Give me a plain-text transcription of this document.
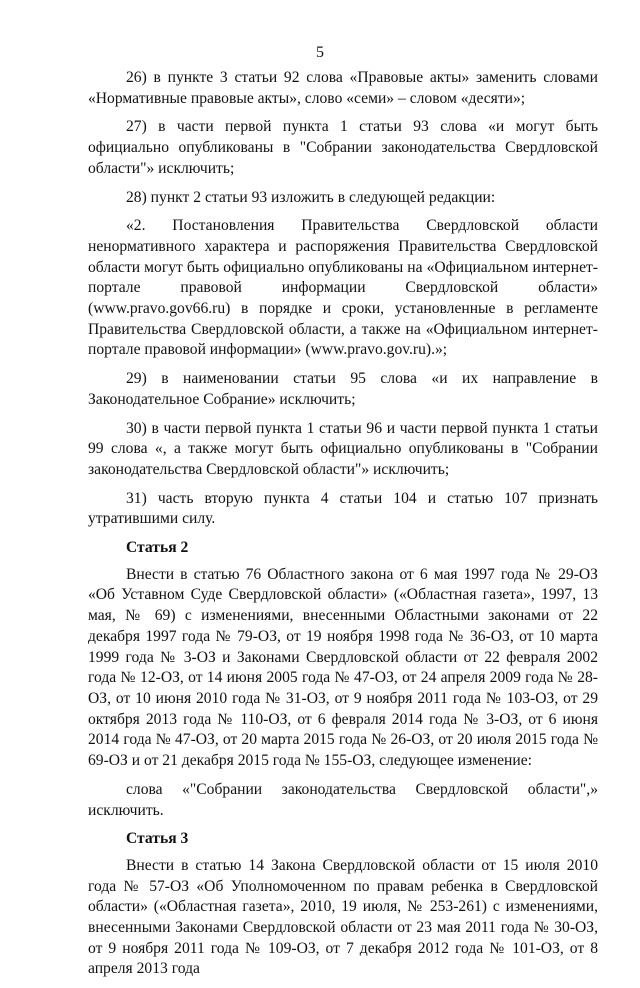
5

26) в пункте 3 статьи 92 слова «Правовые акты» заменить словами «Нормативные правовые акты», слово «семи» – словом «десяти»;

27) в части первой пункта 1 статьи 93 слова «и могут быть официально опубликованы в "Собрании законодательства Свердловской области"» исключить;

28) пункт 2 статьи 93 изложить в следующей редакции:

«2. Постановления Правительства Свердловской области ненормативного характера и распоряжения Правительства Свердловской области могут быть официально опубликованы на «Официальном интернет-портале правовой информации Свердловской области» (www.pravo.gov66.ru) в порядке и сроки, установленные в регламенте Правительства Свердловской области, а также на «Официальном интернет-портале правовой информации» (www.pravo.gov.ru).»;

29) в наименовании статьи 95 слова «и их направление в Законодательное Собрание» исключить;

30) в части первой пункта 1 статьи 96 и части первой пункта 1 статьи 99 слова «, а также могут быть официально опубликованы в "Собрании законодательства Свердловской области"» исключить;

31) часть вторую пункта 4 статьи 104 и статью 107 признать утратившими силу.

Статья 2

Внести в статью 76 Областного закона от 6 мая 1997 года № 29-ОЗ «Об Уставном Суде Свердловской области» («Областная газета», 1997, 13 мая, № 69) с изменениями, внесенными Областными законами от 22 декабря 1997 года № 79-ОЗ, от 19 ноября 1998 года № 36-ОЗ, от 10 марта 1999 года № 3-ОЗ и Законами Свердловской области от 22 февраля 2002 года № 12-ОЗ, от 14 июня 2005 года № 47-ОЗ, от 24 апреля 2009 года № 28-ОЗ, от 10 июня 2010 года № 31-ОЗ, от 9 ноября 2011 года № 103-ОЗ, от 29 октября 2013 года № 110-ОЗ, от 6 февраля 2014 года № 3-ОЗ, от 6 июня 2014 года № 47-ОЗ, от 20 марта 2015 года № 26-ОЗ, от 20 июля 2015 года № 69-ОЗ и от 21 декабря 2015 года № 155-ОЗ, следующее изменение:

слова «"Собрании законодательства Свердловской области",» исключить.

Статья 3

Внести в статью 14 Закона Свердловской области от 15 июля 2010 года № 57-ОЗ «Об Уполномоченном по правам ребенка в Свердловской области» («Областная газета», 2010, 19 июля, № 253-261) с изменениями, внесенными Законами Свердловской области от 23 мая 2011 года № 30-ОЗ, от 9 ноября 2011 года № 109-ОЗ, от 7 декабря 2012 года № 101-ОЗ, от 8 апреля 2013 года
